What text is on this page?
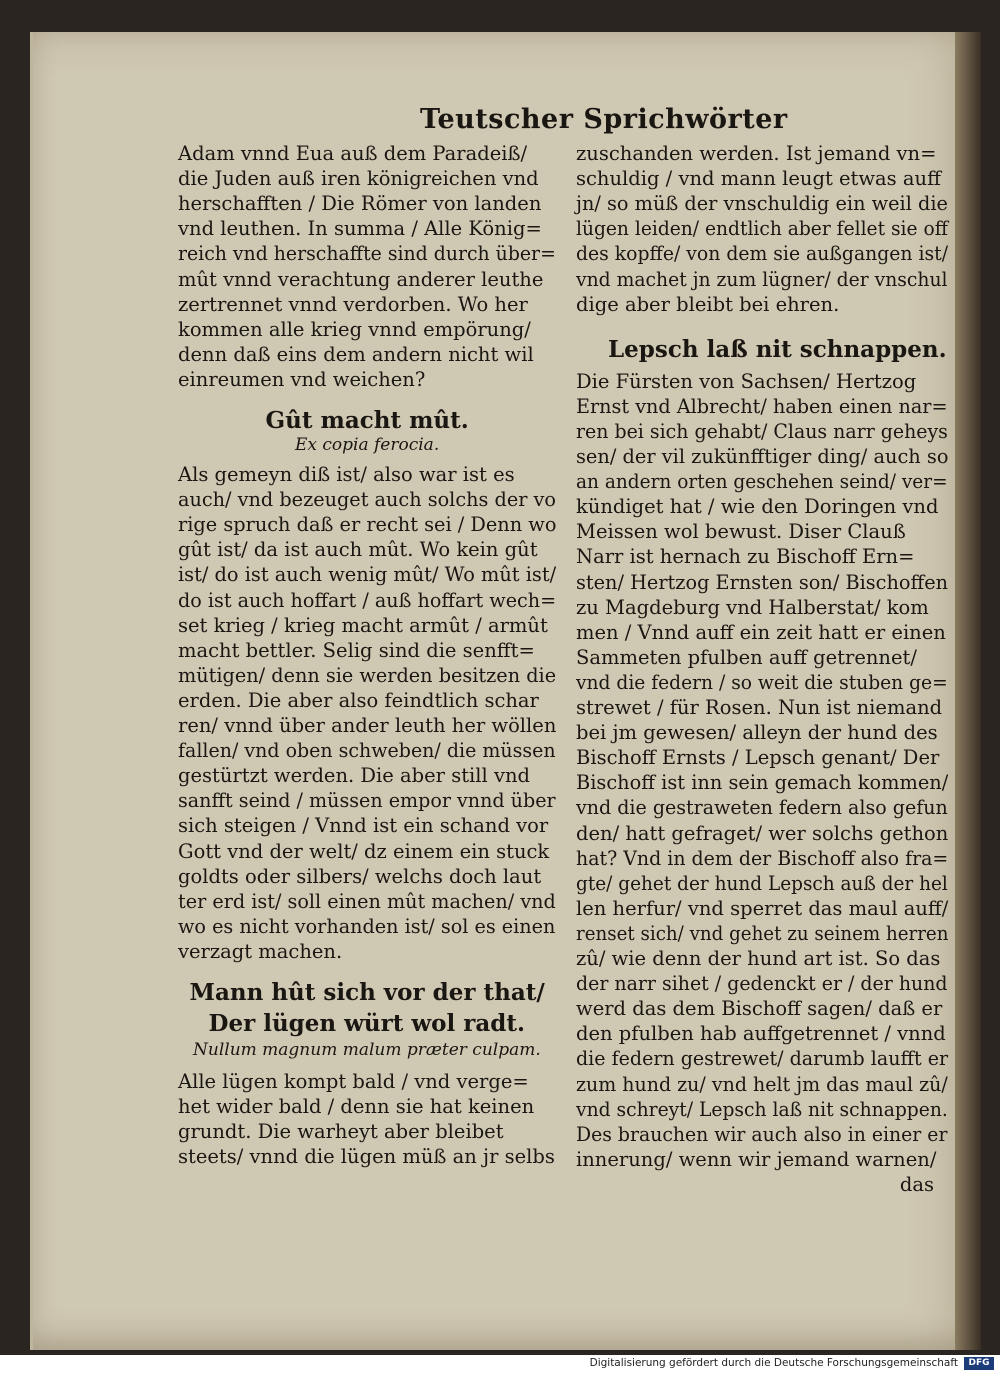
Teutscher Sprichwörter
Adam vnnd Eua auß dem Paradeiß/
die Juden auß iren königreichen vnd
herschafften / Die Römer von landen
vnd leuthen. In summa / Alle König=
reich vnd herschaffte sind durch über=
mût vnnd verachtung anderer leuthe
zertrennet vnnd verdorben. Wo her
kommen alle krieg vnnd empörung/
denn daß eins dem andern nicht wil
einreumen vnd weichen?
Gût macht mût.
Ex copia ferocia.
Als gemeyn diß ist/ also war ist es
auch/ vnd bezeuget auch solchs der vo
rige spruch daß er recht sei / Denn wo
gût ist/ da ist auch mût. Wo kein gût
ist/ do ist auch wenig mût/ Wo mût ist/
do ist auch hoffart / auß hoffart wech=
set krieg / krieg macht armût / armût
macht bettler. Selig sind die senfft=
mütigen/ denn sie werden besitzen die
erden. Die aber also feindtlich schar
ren/ vnnd über ander leuth her wöllen
fallen/ vnd oben schweben/ die müssen
gestürtzt werden. Die aber still vnd
sanfft seind / müssen empor vnnd über
sich steigen / Vnnd ist ein schand vor
Gott vnd der welt/ dz einem ein stuck
goldts oder silbers/ welchs doch laut
ter erd ist/ soll einen mût machen/ vnd
wo es nicht vorhanden ist/ sol es einen
verzagt machen.
Mann hût sich vor der that/
Der lügen würt wol radt.
Nullum magnum malum præter culpam.
Alle lügen kompt bald / vnd verge=
het wider bald / denn sie hat keinen
grundt. Die warheyt aber bleibet
steets/ vnnd die lügen müß an jr selbs
zuschanden werden. Ist jemand vn=
schuldig / vnd mann leugt etwas auff
jn/ so müß der vnschuldig ein weil die
lügen leiden/ endtlich aber fellet sie off
des kopffe/ von dem sie außgangen ist/
vnd machet jn zum lügner/ der vnschul
dige aber bleibt bei ehren.
Lepsch laß nit schnappen.
Die Fürsten von Sachsen/ Hertzog
Ernst vnd Albrecht/ haben einen nar=
ren bei sich gehabt/ Claus narr geheys
sen/ der vil zukünfftiger ding/ auch so
an andern orten geschehen seind/ ver=
kündiget hat / wie den Doringen vnd
Meissen wol bewust. Diser Clauß
Narr ist hernach zu Bischoff Ern=
sten/ Hertzog Ernsten son/ Bischoffen
zu Magdeburg vnd Halberstat/ kom
men / Vnnd auff ein zeit hatt er einen
Sammeten pfulben auff getrennet/
vnd die federn / so weit die stuben ge=
strewet / für Rosen. Nun ist niemand
bei jm gewesen/ alleyn der hund des
Bischoff Ernsts / Lepsch genant/ Der
Bischoff ist inn sein gemach kommen/
vnd die gestraweten federn also gefun
den/ hatt gefraget/ wer solchs gethon
hat? Vnd in dem der Bischoff also fra=
gte/ gehet der hund Lepsch auß der hel
len herfur/ vnd sperret das maul auff/
renset sich/ vnd gehet zu seinem herren
zû/ wie denn der hund art ist. So das
der narr sihet / gedenckt er / der hund
werd das dem Bischoff sagen/ daß er
den pfulben hab auffgetrennet / vnnd
die federn gestrewet/ darumb laufft er
zum hund zu/ vnd helt jm das maul zû/
vnd schreyt/ Lepsch laß nit schnappen.
Des brauchen wir auch also in einer er
innerung/ wenn wir jemand warnen/
das
Digitalisierung gefördert durch die Deutsche Forschungsgemeinschaft	DFG
